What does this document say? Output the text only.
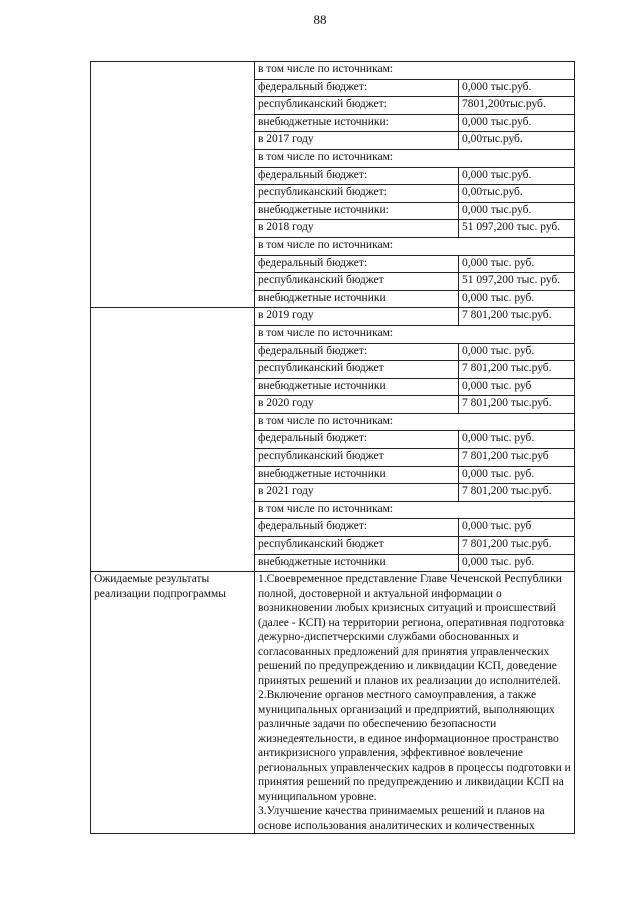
88
	в том числе по источникам:	
	федеральный бюджет:	0,000 тыс.руб.
	республиканский бюджет:	7801,200тыс.руб.
	внебюджетные источники:	0,000 тыс.руб.
	в 2017 году	0,00тыс.руб.
	в том числе по источникам:	
	федеральный бюджет:	0,000 тыс.руб.
	республиканский бюджет:	0,00тыс.руб.
	внебюджетные источники:	0,000 тыс.руб.
	в 2018 году	51 097,200 тыс. руб.
	в том числе по источникам:	
	федеральный бюджет:	0,000 тыс. руб.
	республиканский бюджет	51 097,200 тыс. руб.
	внебюджетные источники	0,000 тыс. руб.
	в 2019 году	7 801,200 тыс.руб.
	в том числе по источникам:	
	федеральный бюджет:	0,000 тыс. руб.
	республиканский бюджет	7 801,200 тыс.руб.
	внебюджетные источники	0,000 тыс. руб
	в 2020 году	7 801,200 тыс.руб.
	в том числе по источникам:	
	федеральный бюджет:	0,000 тыс. руб.
	республиканский бюджет	7 801,200 тыс.руб
	внебюджетные источники	0,000 тыс. руб.
	в 2021 году	7 801,200 тыс.руб.
	в том числе по источникам:	
	федеральный бюджет:	0,000 тыс. руб
	республиканский бюджет	7 801,200 тыс.руб.
	внебюджетные источники	0,000 тыс. руб.
Ожидаемые результаты реализации подпрограммы	1.Своевременное представление Главе Чеченской Республики полной, достоверной и актуальной информации о возникновении любых кризисных ситуаций и происшествий (далее - КСП) на территории региона, оперативная подготовка дежурно-диспетчерскими службами обоснованных и согласованных предложений для принятия управленческих решений по предупреждению и ликвидации КСП, доведение принятых решений и планов их реализации до исполнителей.

2.Включение органов местного самоуправления, а также муниципальных организаций и предприятий, выполняющих различные задачи по обеспечению безопасности жизнедеятельности, в единое информационное пространство антикризисного управления, эффективное вовлечение региональных управленческих кадров в процессы подготовки и принятия решений по предупреждению и ликвидации КСП на муниципальном уровне.

3.Улучшение качества принимаемых решений и планов на основе использования аналитических и количественных	
